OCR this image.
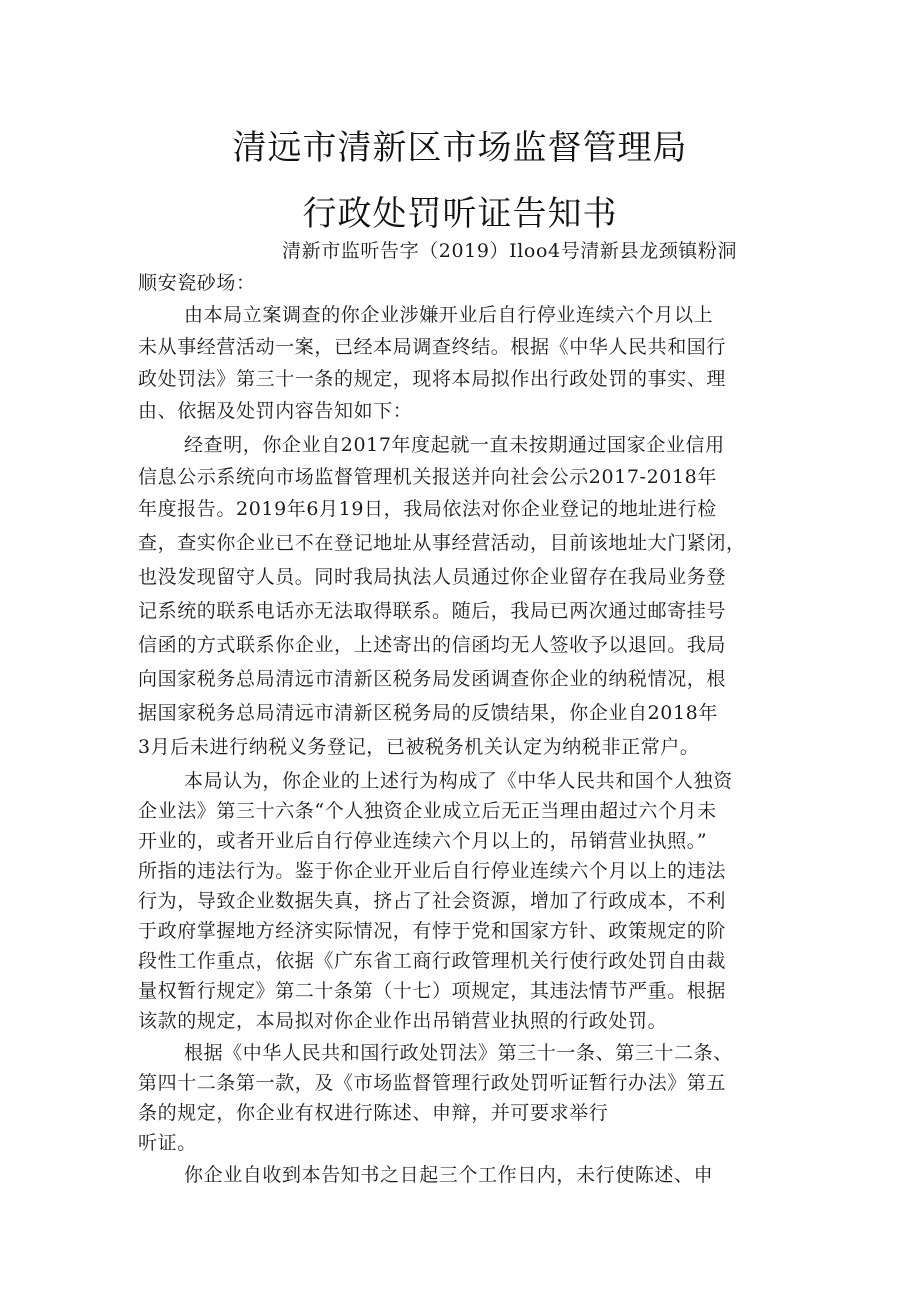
清远市清新区市场监督管理局
行政处罚听证告知书
清新市监听告字（2019）Iloo4号清新县龙颈镇粉洞
顺安瓷砂场：
由本局立案调查的你企业涉嫌开业后自行停业连续六个月以上
未从事经营活动一案，已经本局调查终结。根据《中华人民共和国行
政处罚法》第三十一条的规定，现将本局拟作出行政处罚的事实、理
由、依据及处罚内容告知如下：
经查明，你企业自2017年度起就一直未按期通过国家企业信用
信息公示系统向市场监督管理机关报送并向社会公示2017-2018年
年度报告。2019年6月19日，我局依法对你企业登记的地址进行检
查，查实你企业已不在登记地址从事经营活动，目前该地址大门紧闭，
也没发现留守人员。同时我局执法人员通过你企业留存在我局业务登
记系统的联系电话亦无法取得联系。随后，我局已两次通过邮寄挂号
信函的方式联系你企业，上述寄出的信函均无人签收予以退回。我局
向国家税务总局清远市清新区税务局发函调查你企业的纳税情况，根
据国家税务总局清远市清新区税务局的反馈结果，你企业自2018年
3月后未进行纳税义务登记，已被税务机关认定为纳税非正常户。
本局认为，你企业的上述行为构成了《中华人民共和国个人独资
企业法》第三十六条“个人独资企业成立后无正当理由超过六个月未
开业的，或者开业后自行停业连续六个月以上的，吊销营业执照。”
所指的违法行为。鉴于你企业开业后自行停业连续六个月以上的违法
行为，导致企业数据失真，挤占了社会资源，增加了行政成本，不利
于政府掌握地方经济实际情况，有悖于党和国家方针、政策规定的阶
段性工作重点，依据《广东省工商行政管理机关行使行政处罚自由裁
量权暂行规定》第二十条第（十七）项规定，其违法情节严重。根据
该款的规定，本局拟对你企业作出吊销营业执照的行政处罚。
根据《中华人民共和国行政处罚法》第三十一条、第三十二条、
第四十二条第一款，及《市场监督管理行政处罚听证暂行办法》第五
条的规定，你企业有权进行陈述、申辩，并可要求举行
听证。
你企业自收到本告知书之日起三个工作日内，未行使陈述、申
